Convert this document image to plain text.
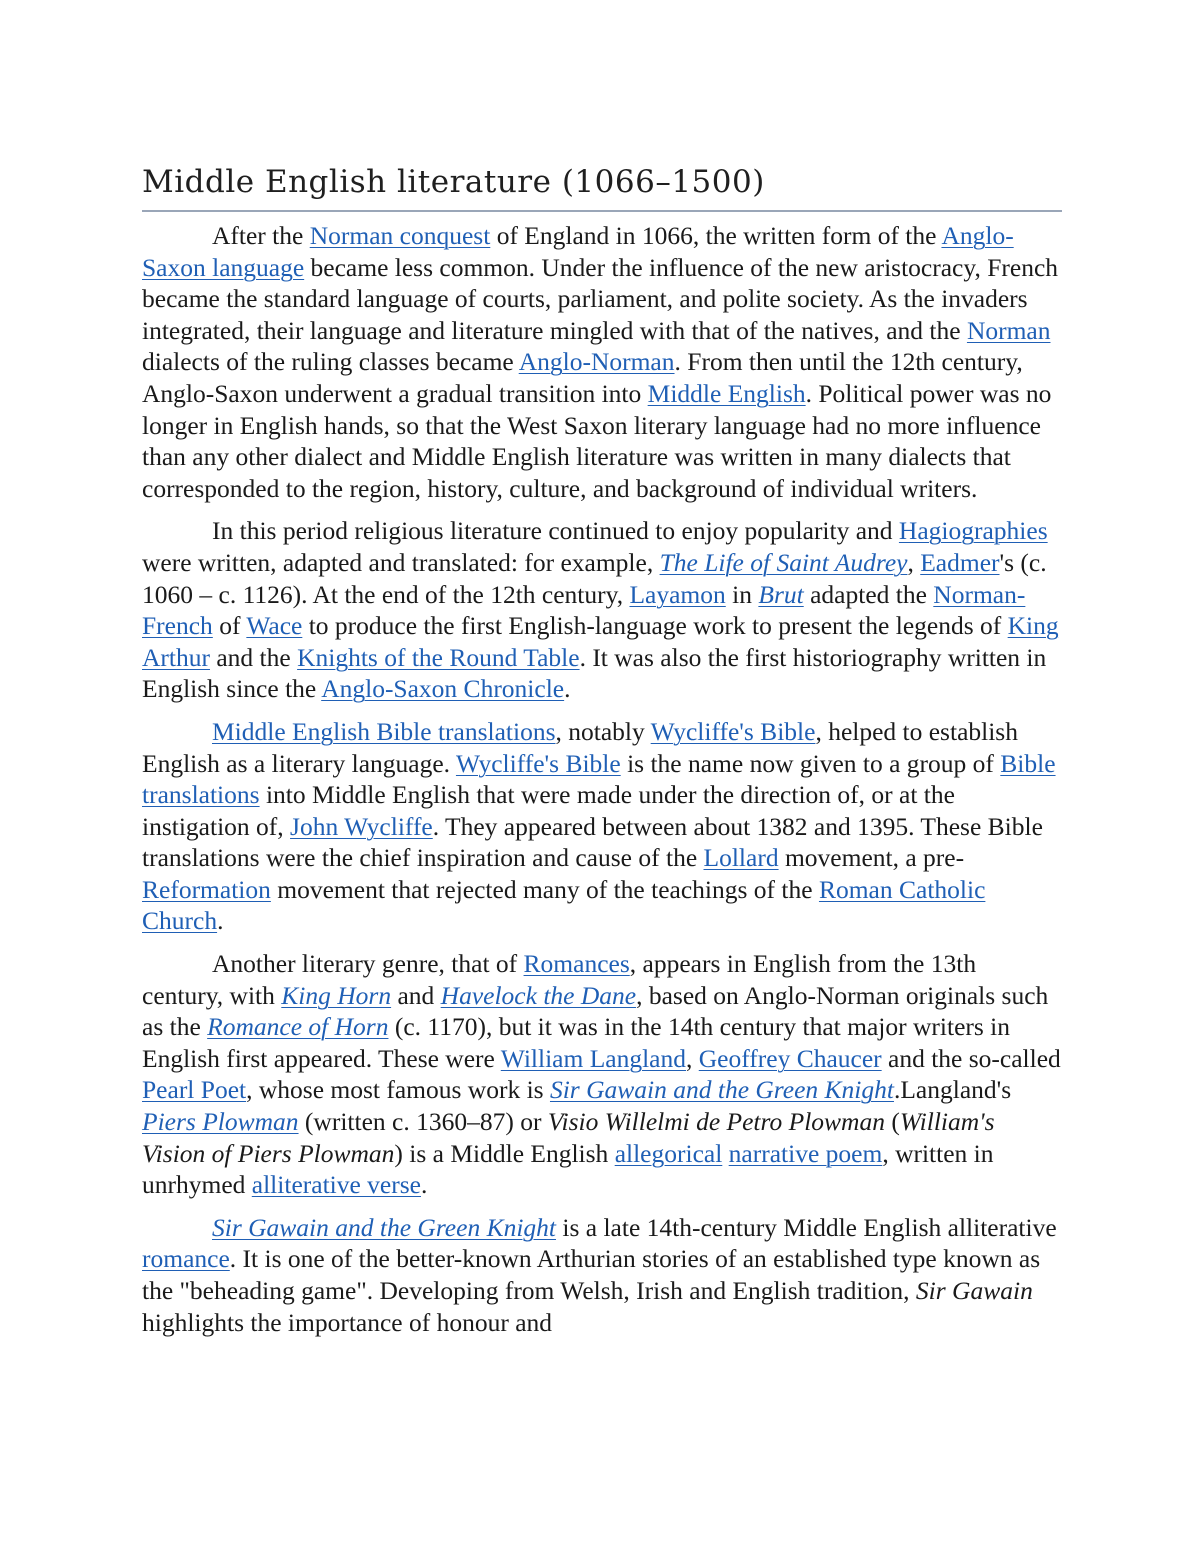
Middle English literature (1066–1500)

After the Norman conquest of England in 1066, the written form of the Anglo-Saxon language became less common. Under the influence of the new aristocracy, French became the standard language of courts, parliament, and polite society. As the invaders integrated, their language and literature mingled with that of the natives, and the Norman dialects of the ruling classes became Anglo-Norman. From then until the 12th century, Anglo-Saxon underwent a gradual transition into Middle English. Political power was no longer in English hands, so that the West Saxon literary language had no more influence than any other dialect and Middle English literature was written in many dialects that corresponded to the region, history, culture, and background of individual writers.

In this period religious literature continued to enjoy popularity and Hagiographies were written, adapted and translated: for example, The Life of Saint Audrey, Eadmer's (c. 1060 – c. 1126). At the end of the 12th century, Layamon in Brut adapted the Norman-French of Wace to produce the first English-language work to present the legends of King Arthur and the Knights of the Round Table. It was also the first historiography written in English since the Anglo-Saxon Chronicle.

Middle English Bible translations, notably Wycliffe's Bible, helped to establish English as a literary language. Wycliffe's Bible is the name now given to a group of Bible translations into Middle English that were made under the direction of, or at the instigation of, John Wycliffe. They appeared between about 1382 and 1395. These Bible translations were the chief inspiration and cause of the Lollard movement, a pre-Reformation movement that rejected many of the teachings of the Roman Catholic Church.

Another literary genre, that of Romances, appears in English from the 13th century, with King Horn and Havelock the Dane, based on Anglo-Norman originals such as the Romance of Horn (c. 1170), but it was in the 14th century that major writers in English first appeared. These were William Langland, Geoffrey Chaucer and the so-called Pearl Poet, whose most famous work is Sir Gawain and the Green Knight.Langland's Piers Plowman (written c. 1360–87) or Visio Willelmi de Petro Plowman (William's Vision of Piers Plowman) is a Middle English allegorical narrative poem, written in unrhymed alliterative verse.

Sir Gawain and the Green Knight is a late 14th-century Middle English alliterative romance. It is one of the better-known Arthurian stories of an established type known as the "beheading game". Developing from Welsh, Irish and English tradition, Sir Gawain highlights the importance of honour and
